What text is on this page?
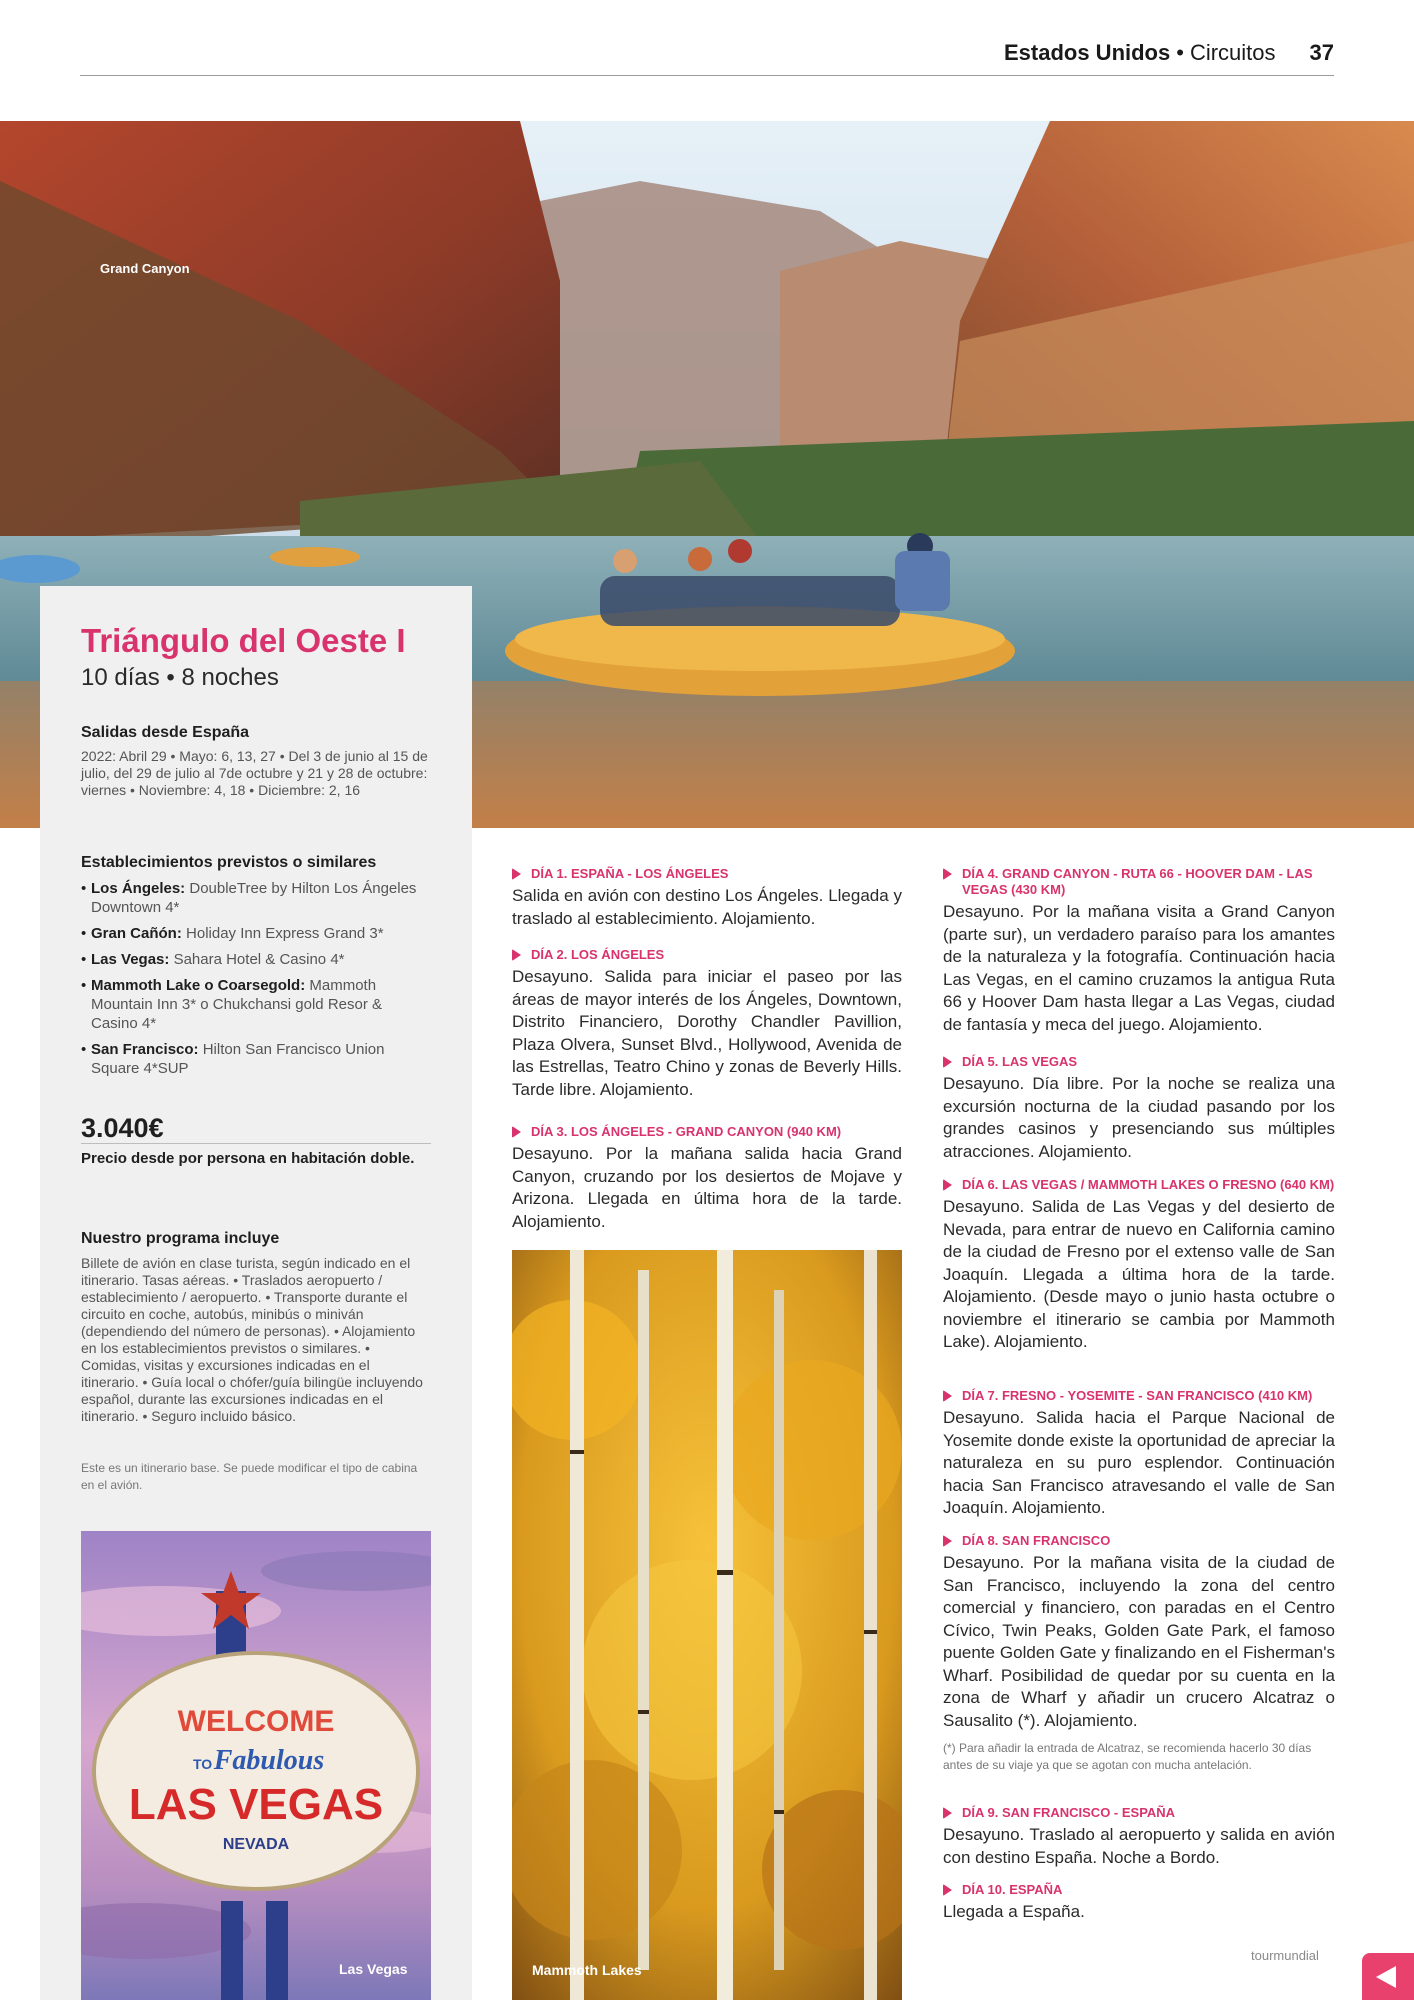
Estados Unidos • Circuitos 37
Grand Canyon
Triángulo del Oeste I
10 días • 8 noches
Salidas desde España
2022: Abril 29 • Mayo: 6, 13, 27 • Del 3 de junio al 15 de julio, del 29 de julio al 7de octubre y 21 y 28 de octubre: viernes • Noviembre: 4, 18 • Diciembre: 2, 16
Establecimientos previstos o similares
• Los Ángeles: DoubleTree by Hilton Los Ángeles Downtown 4*
• Gran Cañón: Holiday Inn Express Grand 3*
• Las Vegas: Sahara Hotel & Casino 4*
• Mammoth Lake o Coarsegold: Mammoth Mountain Inn 3* o Chukchansi gold Resor & Casino 4*
• San Francisco: Hilton San Francisco Union Square 4*SUP
3.040€
Precio desde por persona en habitación doble.
Nuestro programa incluye
Billete de avión en clase turista, según indicado en el itinerario. Tasas aéreas. • Traslados aeropuerto / establecimiento / aeropuerto. • Transporte durante el circuito en coche, autobús, minibús o miniván (dependiendo del número de personas). • Alojamiento en los establecimientos previstos o similares. • Comidas, visitas y excursiones indicadas en el itinerario. • Guía local o chófer/guía bilingüe incluyendo español, durante las excursiones indicadas en el itinerario. • Seguro incluido básico.
Este es un itinerario base. Se puede modificar el tipo de cabina en el avión.
WELCOME
TO Fabulous
LAS VEGAS
NEVADA
Las Vegas
DÍA 1. ESPAÑA - LOS ÁNGELES
Salida en avión con destino Los Ángeles. Llegada y traslado al establecimiento. Alojamiento.
DÍA 2. LOS ÁNGELES
Desayuno. Salida para iniciar el paseo por las áreas de mayor interés de los Ángeles, Downtown, Distrito Financiero, Dorothy Chandler Pavillion, Plaza Olvera, Sunset Blvd., Hollywood, Avenida de las Estrellas, Teatro Chino y zonas de Beverly Hills. Tarde libre. Alojamiento.
DÍA 3. LOS ÁNGELES - GRAND CANYON (940 KM)
Desayuno. Por la mañana salida hacia Grand Canyon, cruzando por los desiertos de Mojave y Arizona. Llegada en última hora de la tarde. Alojamiento.
Mammoth Lakes
DÍA 4. GRAND CANYON - RUTA 66 - HOOVER DAM - LAS VEGAS (430 KM)
Desayuno. Por la mañana visita a Grand Canyon (parte sur), un verdadero paraíso para los amantes de la naturaleza y la fotografía. Continuación hacia Las Vegas, en el camino cruzamos la antigua Ruta 66 y Hoover Dam hasta llegar a Las Vegas, ciudad de fantasía y meca del juego. Alojamiento.
DÍA 5. LAS VEGAS
Desayuno. Día libre. Por la noche se realiza una excursión nocturna de la ciudad pasando por los grandes casinos y presenciando sus múltiples atracciones. Alojamiento.
DÍA 6. LAS VEGAS / MAMMOTH LAKES O FRESNO (640 KM)
Desayuno. Salida de Las Vegas y del desierto de Nevada, para entrar de nuevo en California camino de la ciudad de Fresno por el extenso valle de San Joaquín. Llegada a última hora de la tarde. Alojamiento. (Desde mayo o junio hasta octubre o noviembre el itinerario se cambia por Mammoth Lake). Alojamiento.
DÍA 7. FRESNO - YOSEMITE - SAN FRANCISCO (410 KM)
Desayuno. Salida hacia el Parque Nacional de Yosemite donde existe la oportunidad de apreciar la naturaleza en su puro esplendor. Continuación hacia San Francisco atravesando el valle de San Joaquín. Alojamiento.
DÍA 8. SAN FRANCISCO
Desayuno. Por la mañana visita de la ciudad de San Francisco, incluyendo la zona del centro comercial y financiero, con paradas en el Centro Cívico, Twin Peaks, Golden Gate Park, el famoso puente Golden Gate y finalizando en el Fisherman's Wharf. Posibilidad de quedar por su cuenta en la zona de Wharf y añadir un crucero Alcatraz o Sausalito (*). Alojamiento.
(*) Para añadir la entrada de Alcatraz, se recomienda hacerlo 30 días antes de su viaje ya que se agotan con mucha antelación.
DÍA 9. SAN FRANCISCO - ESPAÑA
Desayuno. Traslado al aeropuerto y salida en avión con destino España. Noche a Bordo.
DÍA 10. ESPAÑA
Llegada a España.
tourmundial
